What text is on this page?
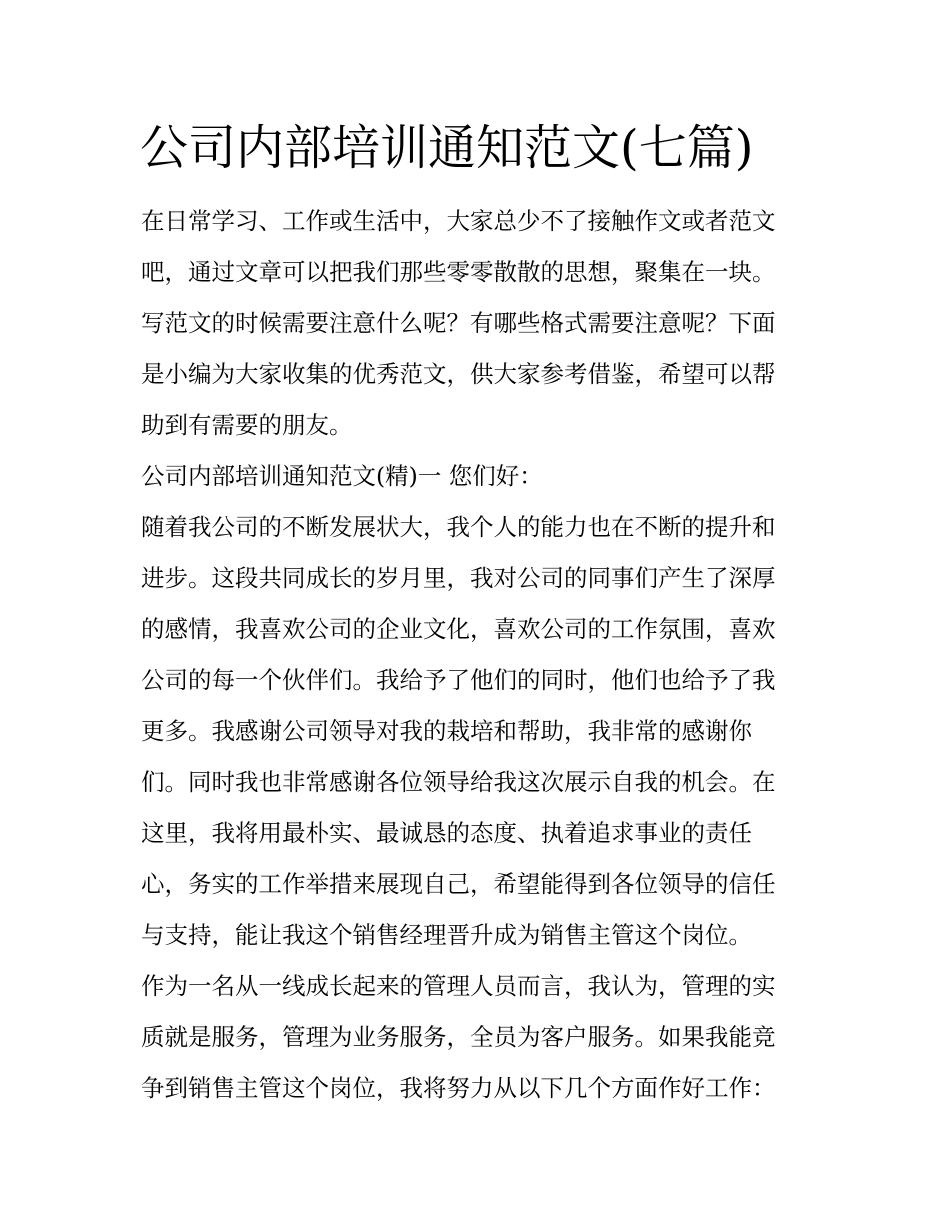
公司内部培训通知范文(七篇)

在日常学习、工作或生活中，大家总少不了接触作文或者范文

吧，通过文章可以把我们那些零零散散的思想，聚集在一块。

写范文的时候需要注意什么呢？有哪些格式需要注意呢？下面

是小编为大家收集的优秀范文，供大家参考借鉴，希望可以帮

助到有需要的朋友。

公司内部培训通知范文(精)一 您们好：

随着我公司的不断发展状大，我个人的能力也在不断的提升和

进步。这段共同成长的岁月里，我对公司的同事们产生了深厚

的感情，我喜欢公司的企业文化，喜欢公司的工作氛围，喜欢

公司的每一个伙伴们。我给予了他们的同时，他们也给予了我

更多。我感谢公司领导对我的栽培和帮助，我非常的感谢你

们。同时我也非常感谢各位领导给我这次展示自我的机会。在

这里，我将用最朴实、最诚恳的态度、执着追求事业的责任

心，务实的工作举措来展现自己，希望能得到各位领导的信任

与支持，能让我这个销售经理晋升成为销售主管这个岗位。

作为一名从一线成长起来的管理人员而言，我认为，管理的实

质就是服务，管理为业务服务，全员为客户服务。如果我能竞

争到销售主管这个岗位，我将努力从以下几个方面作好工作：
